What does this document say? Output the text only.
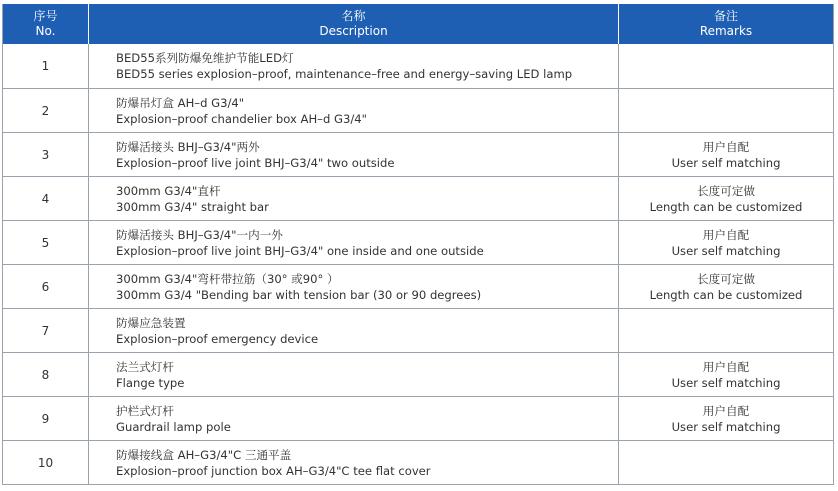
序号
No.
名称
Description
备注
Remarks
1
BED55系列防爆免维护节能LED灯
BED55 series explosion–proof, maintenance–free and energy–saving LED lamp
2
防爆吊灯盒 AH–d G3/4"
Explosion–proof chandelier box AH–d G3/4"
3
防爆活接头 BHJ–G3/4"两外
Explosion–proof live joint BHJ–G3/4" two outside
用户自配
User self matching
4
300mm G3/4"直杆
300mm G3/4" straight bar
长度可定做
Length can be customized
5
防爆活接头 BHJ–G3/4"一内一外
Explosion–proof live joint BHJ–G3/4" one inside and one outside
用户自配
User self matching
6
300mm G3/4"弯杆带拉筋（30° 或90° ）
300mm G3/4 "Bending bar with tension bar (30 or 90 degrees)
长度可定做
Length can be customized
7
防爆应急装置
Explosion–proof emergency device
8
法兰式灯杆
Flange type
用户自配
User self matching
9
护栏式灯杆
Guardrail lamp pole
用户自配
User self matching
10
防爆接线盒 AH–G3/4"C 三通平盖
Explosion–proof junction box AH–G3/4"C tee flat cover
